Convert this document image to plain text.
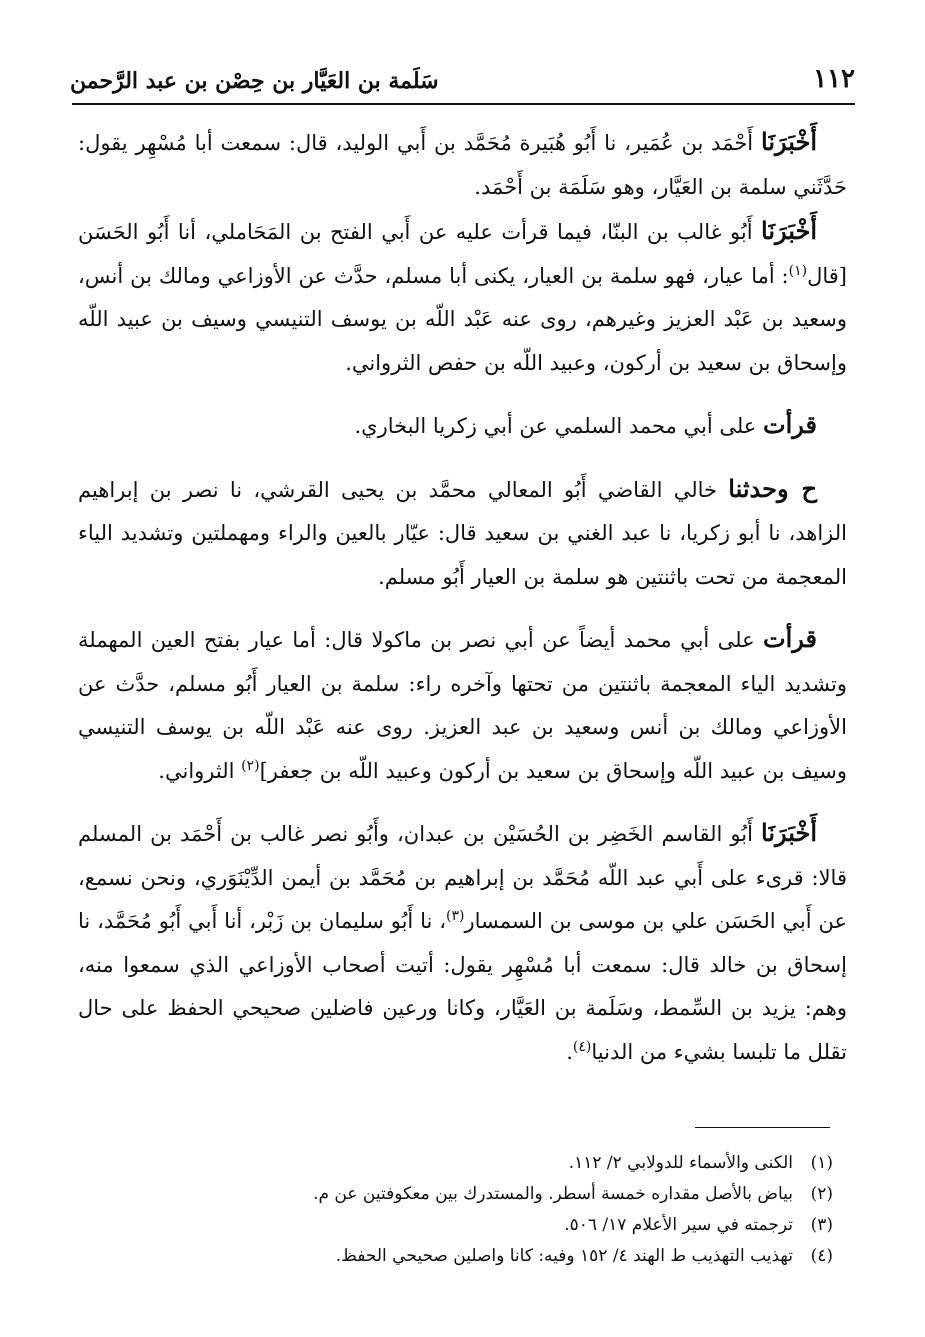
١١٢
سَلَمة بن العَيَّار بن حِصْن بن عبد الرَّحمن

أَخْبَرَنَا أَحْمَد بن عُمَير، نا أَبُو هُبَيرة مُحَمَّد بن أَبي الوليد، قال: سمعت أبا مُسْهِر يقول: حَدَّثَني سلمة بن العَيَّار، وهو سَلَمَة بن أَحْمَد.

أَخْبَرَنَا أَبُو غالب بن البنّا، فيما قرأت عليه عن أَبي الفتح بن المَحَاملي، أنا أَبُو الحَسَن [قال$^{(١)}$: أما عيار، فهو سلمة بن العيار، يكنى أبا مسلم، حدَّث عن الأوزاعي ومالك بن أنس، وسعيد بن عَبْد العزيز وغيرهم، روى عنه عَبْد اللّه بن يوسف التنيسي وسيف بن عبيد اللّه وإسحاق بن سعيد بن أركون، وعبيد اللّه بن حفص الثرواني.

قرأت على أبي محمد السلمي عن أبي زكريا البخاري.

ح وحدثنا خالي القاضي أَبُو المعالي محمَّد بن يحيى القرشي، نا نصر بن إبراهيم الزاهد، نا أبو زكريا، نا عبد الغني بن سعيد قال: عيّار بالعين والراء ومهملتين وتشديد الياء المعجمة من تحت باثنتين هو سلمة بن العيار أَبُو مسلم.

قرأت على أبي محمد أيضاً عن أبي نصر بن ماكولا قال: أما عيار بفتح العين المهملة وتشديد الياء المعجمة باثنتين من تحتها وآخره راء: سلمة بن العيار أَبُو مسلم، حدَّث عن الأوزاعي ومالك بن أنس وسعيد بن عبد العزيز. روى عنه عَبْد اللّه بن يوسف التنيسي وسيف بن عبيد اللّه وإسحاق بن سعيد بن أركون وعبيد اللّه بن جعفر]$^{(٢)}$ الثرواني.

أَخْبَرَنَا أَبُو القاسم الخَضِر بن الحُسَيْن بن عبدان، وأَبُو نصر غالب بن أَحْمَد بن المسلم قالا: قرىء على أَبي عبد اللّه مُحَمَّد بن إبراهيم بن مُحَمَّد بن أيمن الدِّيْنَوَري، ونحن نسمع، عن أَبي الحَسَن علي بن موسى بن السمسار$^{(٣)}$، نا أَبُو سليمان بن زَبْر، أنا أَبي أَبُو مُحَمَّد، نا إسحاق بن خالد قال: سمعت أبا مُسْهِر يقول: أتيت أصحاب الأوزاعي الذي سمعوا منه، وهم: يزيد بن السِّمط، وسَلَمة بن العَيَّار، وكانا ورعين فاضلين صحيحي الحفظ على حال تقلل ما تلبسا بشيء من الدنيا$^{(٤)}$.

(١)
الكنى والأسماء للدولابي ٢/ ١١٢.
(٢)
بياض بالأصل مقداره خمسة أسطر. والمستدرك بين معكوفتين عن م.
(٣)
ترجمته في سير الأعلام ١٧/ ٥٠٦.
(٤)
تهذيب التهذيب ط الهند ٤/ ١٥٢ وفيه: كانا واصلين صحيحي الحفظ.
